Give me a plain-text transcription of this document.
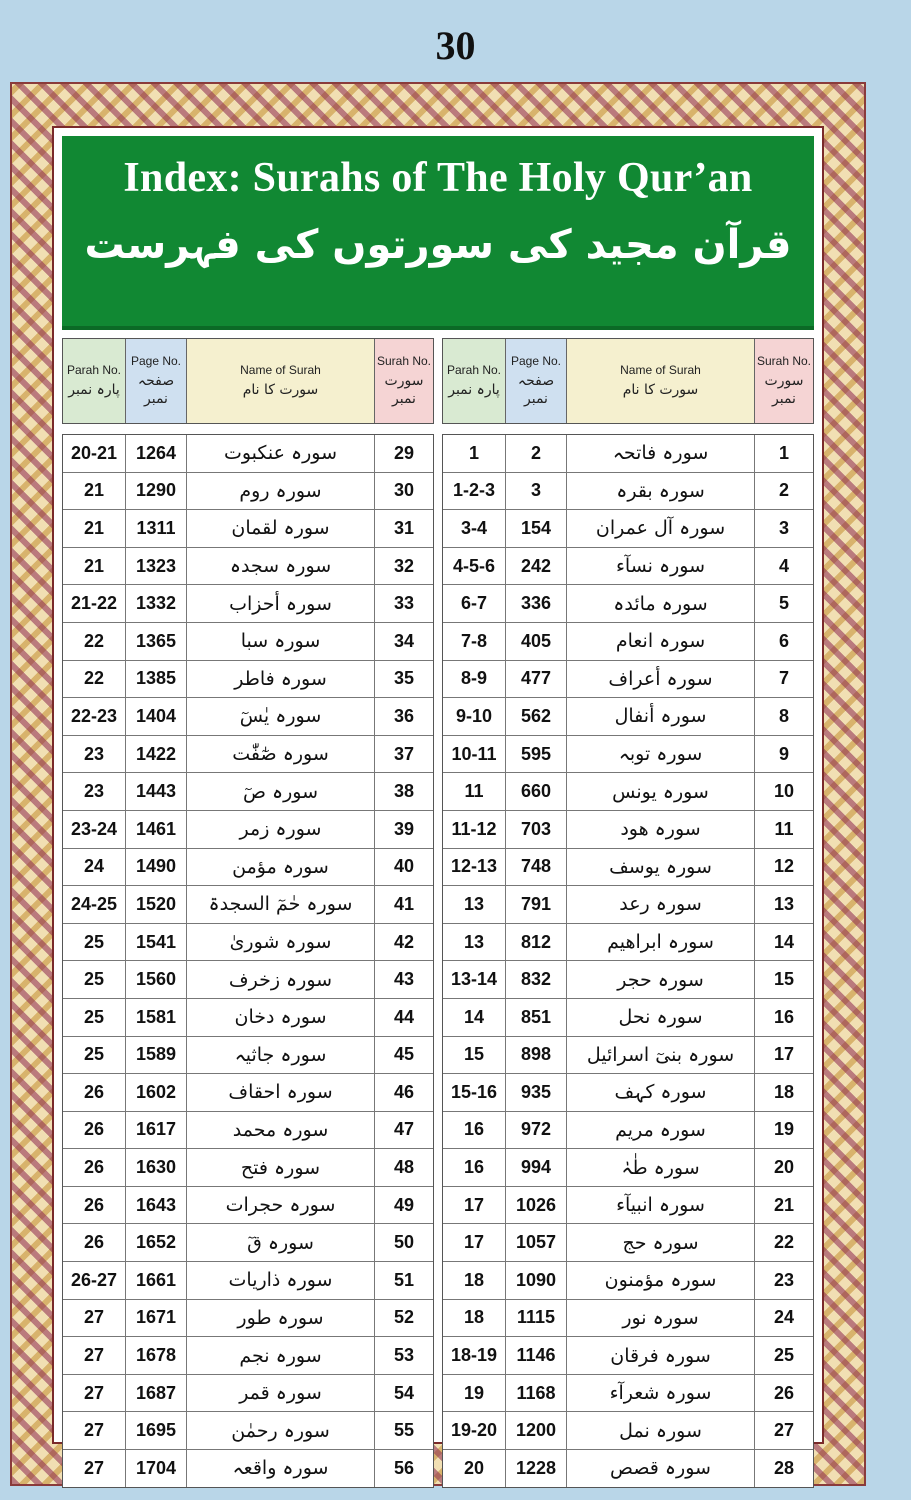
30
Index: Surahs of The Holy Qur’an
قرآن مجید کی سورتوں کی فہرست
Parah No.
پارہ نمبر
Page No.
صفحہ نمبر
Name of Surah
سورت کا نام
Surah No.
سورت نمبر
20-21	1264	سورہ عنکبوت	29
21	1290	سورہ روم	30
21	1311	سورہ لقمان	31
21	1323	سورہ سجدہ	32
21-22	1332	سورہ أحزاب	33
22	1365	سورہ سبا	34
22	1385	سورہ فاطر	35
22-23	1404	سورہ یٰسٓ	36
23	1422	سورہ صٰٓفّٰت	37
23	1443	سورہ صٓ	38
23-24	1461	سورہ زمر	39
24	1490	سورہ مؤمن	40
24-25	1520	سورہ حٰمٓ السجدۃ	41
25	1541	سورہ شوریٰ	42
25	1560	سورہ زخرف	43
25	1581	سورہ دخان	44
25	1589	سورہ جاثیہ	45
26	1602	سورہ احقاف	46
26	1617	سورہ محمد	47
26	1630	سورہ فتح	48
26	1643	سورہ حجرات	49
26	1652	سورہ قٓ	50
26-27	1661	سورہ ذاریات	51
27	1671	سورہ طور	52
27	1678	سورہ نجم	53
27	1687	سورہ قمر	54
27	1695	سورہ رحمٰن	55
27	1704	سورہ واقعہ	56
Parah No.
پارہ نمبر
Page No.
صفحہ نمبر
Name of Surah
سورت کا نام
Surah No.
سورت نمبر
1	2	سورہ فاتحہ	1
1-2-3	3	سورہ بقرہ	2
3-4	154	سورہ آل عمران	3
4-5-6	242	سورہ نسآء	4
6-7	336	سورہ مائدہ	5
7-8	405	سورہ انعام	6
8-9	477	سورہ أعراف	7
9-10	562	سورہ أنفال	8
10-11	595	سورہ توبہ	9
11	660	سورہ یونس	10
11-12	703	سورہ ھود	11
12-13	748	سورہ یوسف	12
13	791	سورہ رعد	13
13	812	سورہ ابراھیم	14
13-14	832	سورہ حجر	15
14	851	سورہ نحل	16
15	898	سورہ بنیٓ اسرائیل	17
15-16	935	سورہ کہف	18
16	972	سورہ مریم	19
16	994	سورہ طٰہٰ	20
17	1026	سورہ انبیآء	21
17	1057	سورہ حج	22
18	1090	سورہ مؤمنون	23
18	1115	سورہ نور	24
18-19	1146	سورہ فرقان	25
19	1168	سورہ شعرآء	26
19-20	1200	سورہ نمل	27
20	1228	سورہ قصص	28
